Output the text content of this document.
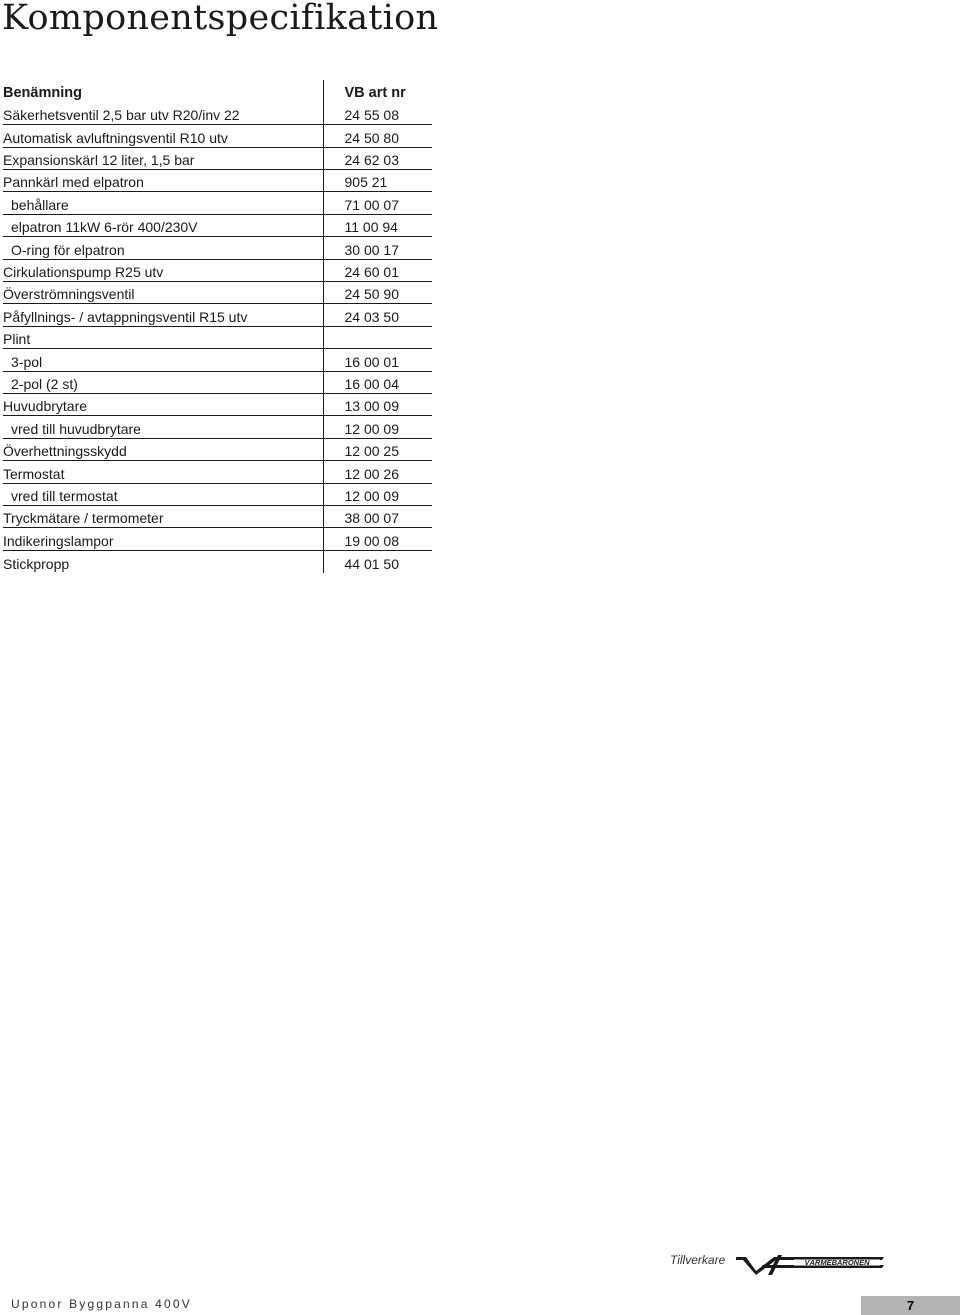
Komponentspecifikation
Benämning	VB art nr
Säkerhetsventil 2,5 bar utv R20/inv 22	24 55 08
Automatisk avluftningsventil R10 utv	24 50 80
Expansionskärl 12 liter, 1,5 bar	24 62 03
Pannkärl med elpatron	905 21
behållare	71 00 07
elpatron 11kW 6-rör 400/230V	11 00 94
O-ring för elpatron	30 00 17
Cirkulationspump R25 utv	24 60 01
Överströmningsventil	24 50 90
Påfyllnings- / avtappningsventil R15 utv	24 03 50
Plint	
3-pol	16 00 01
2-pol (2 st)	16 00 04
Huvudbrytare	13 00 09
vred till huvudbrytare	12 00 09
Överhettningsskydd	12 00 25
Termostat	12 00 26
vred till termostat	12 00 09
Tryckmätare / termometer	38 00 07
Indikeringslampor	19 00 08
Stickpropp	44 01 50
Tillverkare	VÄRMEBARONEN
Uponor Byggpanna 400V	7
